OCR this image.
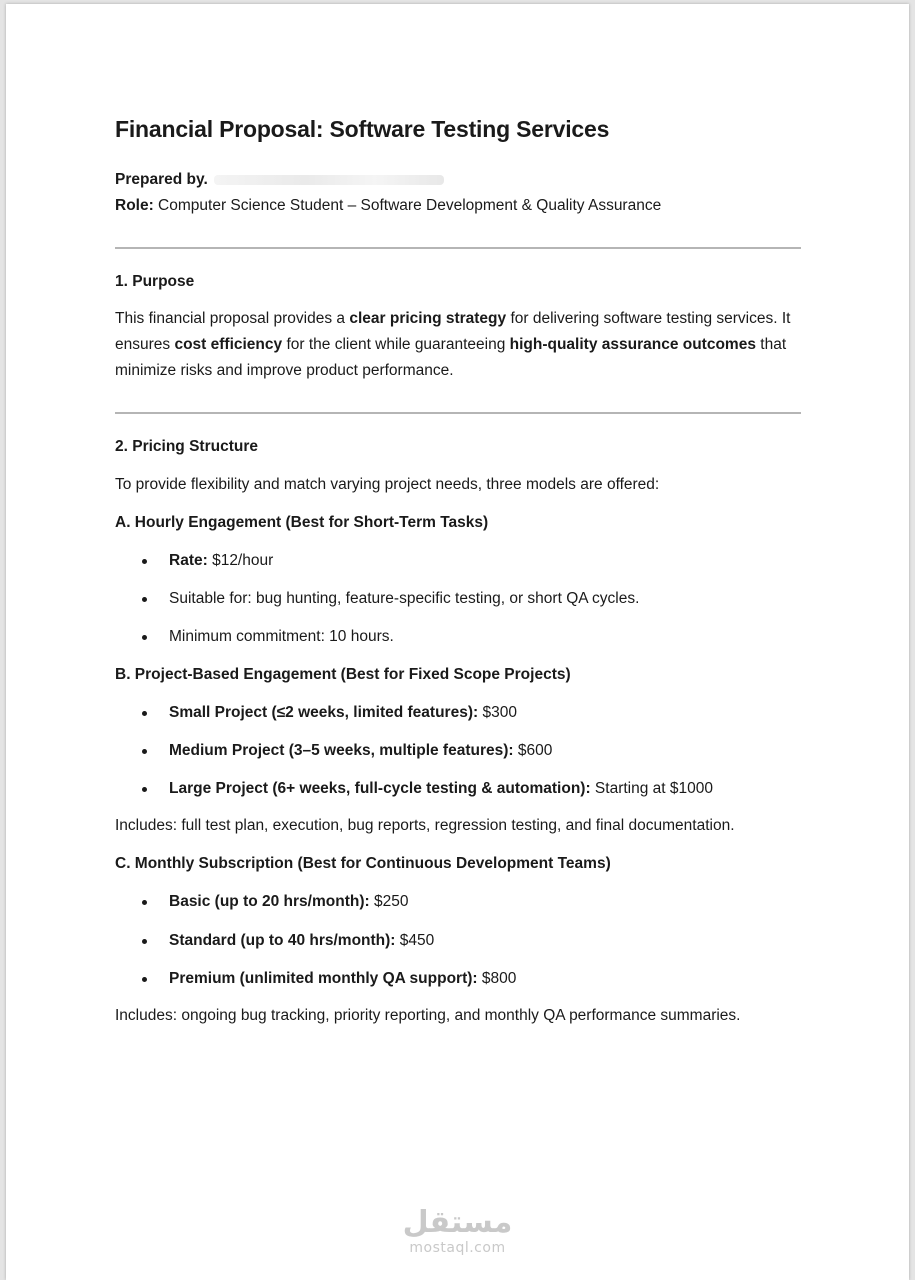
Financial Proposal: Software Testing Services
Prepared by.
Role: Computer Science Student – Software Development & Quality Assurance
1. Purpose
This financial proposal provides a clear pricing strategy for delivering software testing services. It ensures cost efficiency for the client while guaranteeing high-quality assurance outcomes that minimize risks and improve product performance.
2. Pricing Structure
To provide flexibility and match varying project needs, three models are offered:
A. Hourly Engagement (Best for Short-Term Tasks)
Rate: $12/hour
Suitable for: bug hunting, feature-specific testing, or short QA cycles.
Minimum commitment: 10 hours.
B. Project-Based Engagement (Best for Fixed Scope Projects)
Small Project (≤2 weeks, limited features): $300
Medium Project (3–5 weeks, multiple features): $600
Large Project (6+ weeks, full-cycle testing & automation): Starting at $1000
Includes: full test plan, execution, bug reports, regression testing, and final documentation.
C. Monthly Subscription (Best for Continuous Development Teams)
Basic (up to 20 hrs/month): $250
Standard (up to 40 hrs/month): $450
Premium (unlimited monthly QA support): $800
Includes: ongoing bug tracking, priority reporting, and monthly QA performance summaries.
مستقل
mostaql.com
